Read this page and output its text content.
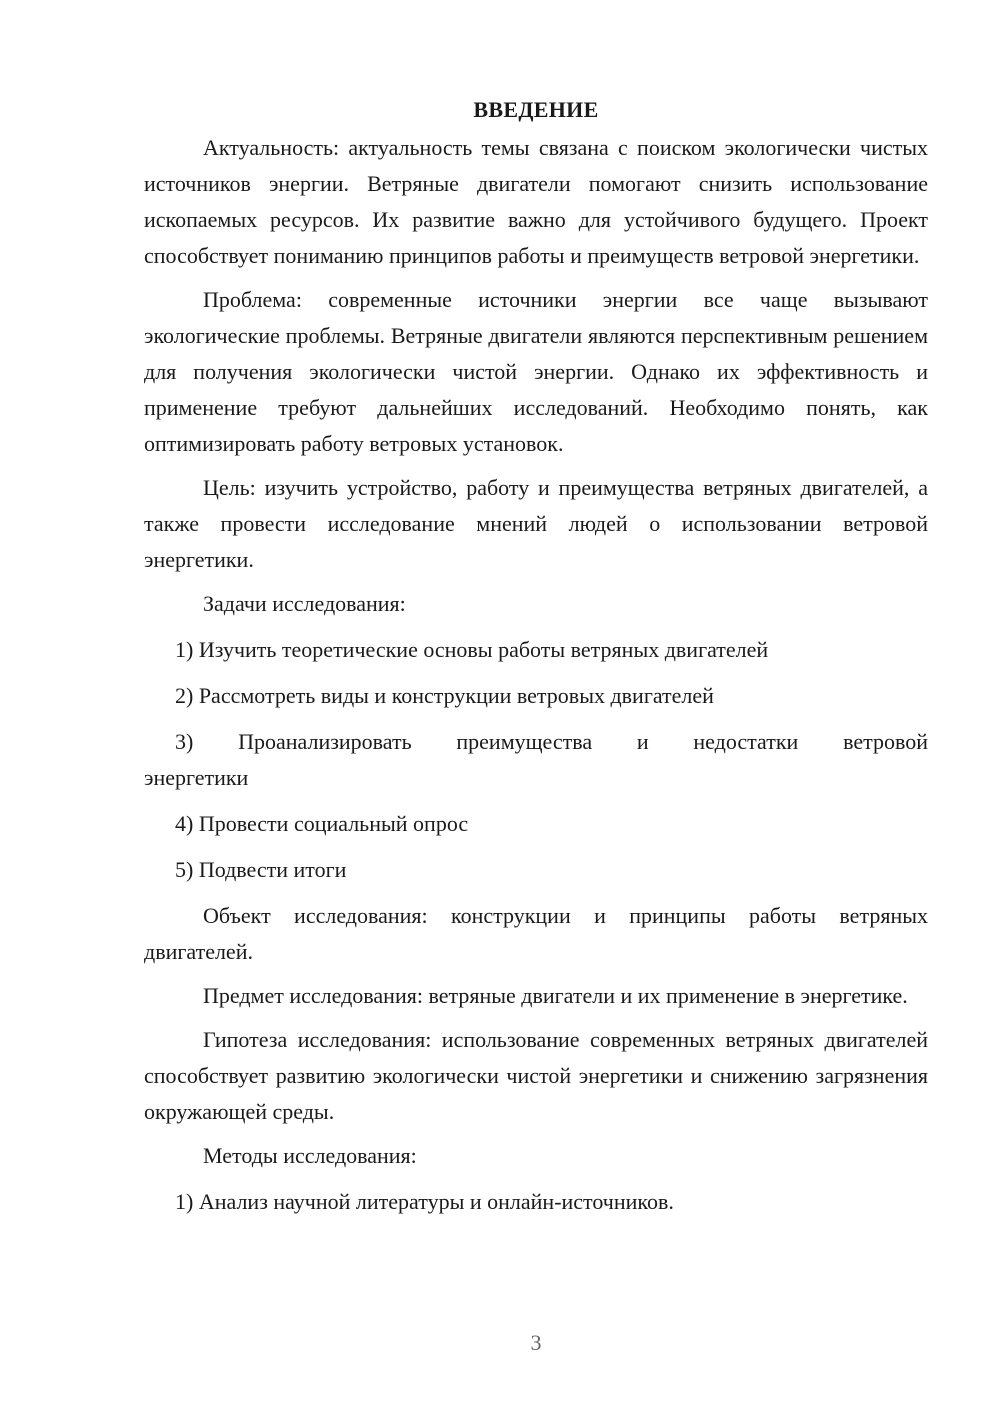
ВВЕДЕНИЕ

Актуальность: актуальность темы связана с поиском экологически чистых источников энергии. Ветряные двигатели помогают снизить использование ископаемых ресурсов. Их развитие важно для устойчивого будущего. Проект способствует пониманию принципов работы и преимуществ ветровой энергетики.

Проблема: современные источники энергии все чаще вызывают экологические проблемы. Ветряные двигатели являются перспективным решением для получения экологически чистой энергии. Однако их эффективность и применение требуют дальнейших исследований. Необходимо понять, как оптимизировать работу ветровых установок.

Цель: изучить устройство, работу и преимущества ветряных двигателей, а также провести исследование мнений людей о использовании ветровой энергетики.

Задачи исследования:

1) Изучить теоретические основы работы ветряных двигателей

2) Рассмотреть виды и конструкции ветровых двигателей

3) Проанализировать преимущества и недостатки ветровой энергетики

4) Провести социальный опрос

5) Подвести итоги

Объект исследования: конструкции и принципы работы ветряных двигателей.

Предмет исследования: ветряные двигатели и их применение в энергетике.

Гипотеза исследования: использование современных ветряных двигателей способствует развитию экологически чистой энергетики и снижению загрязнения окружающей среды.

Методы исследования:

1) Анализ научной литературы и онлайн-источников.

3
